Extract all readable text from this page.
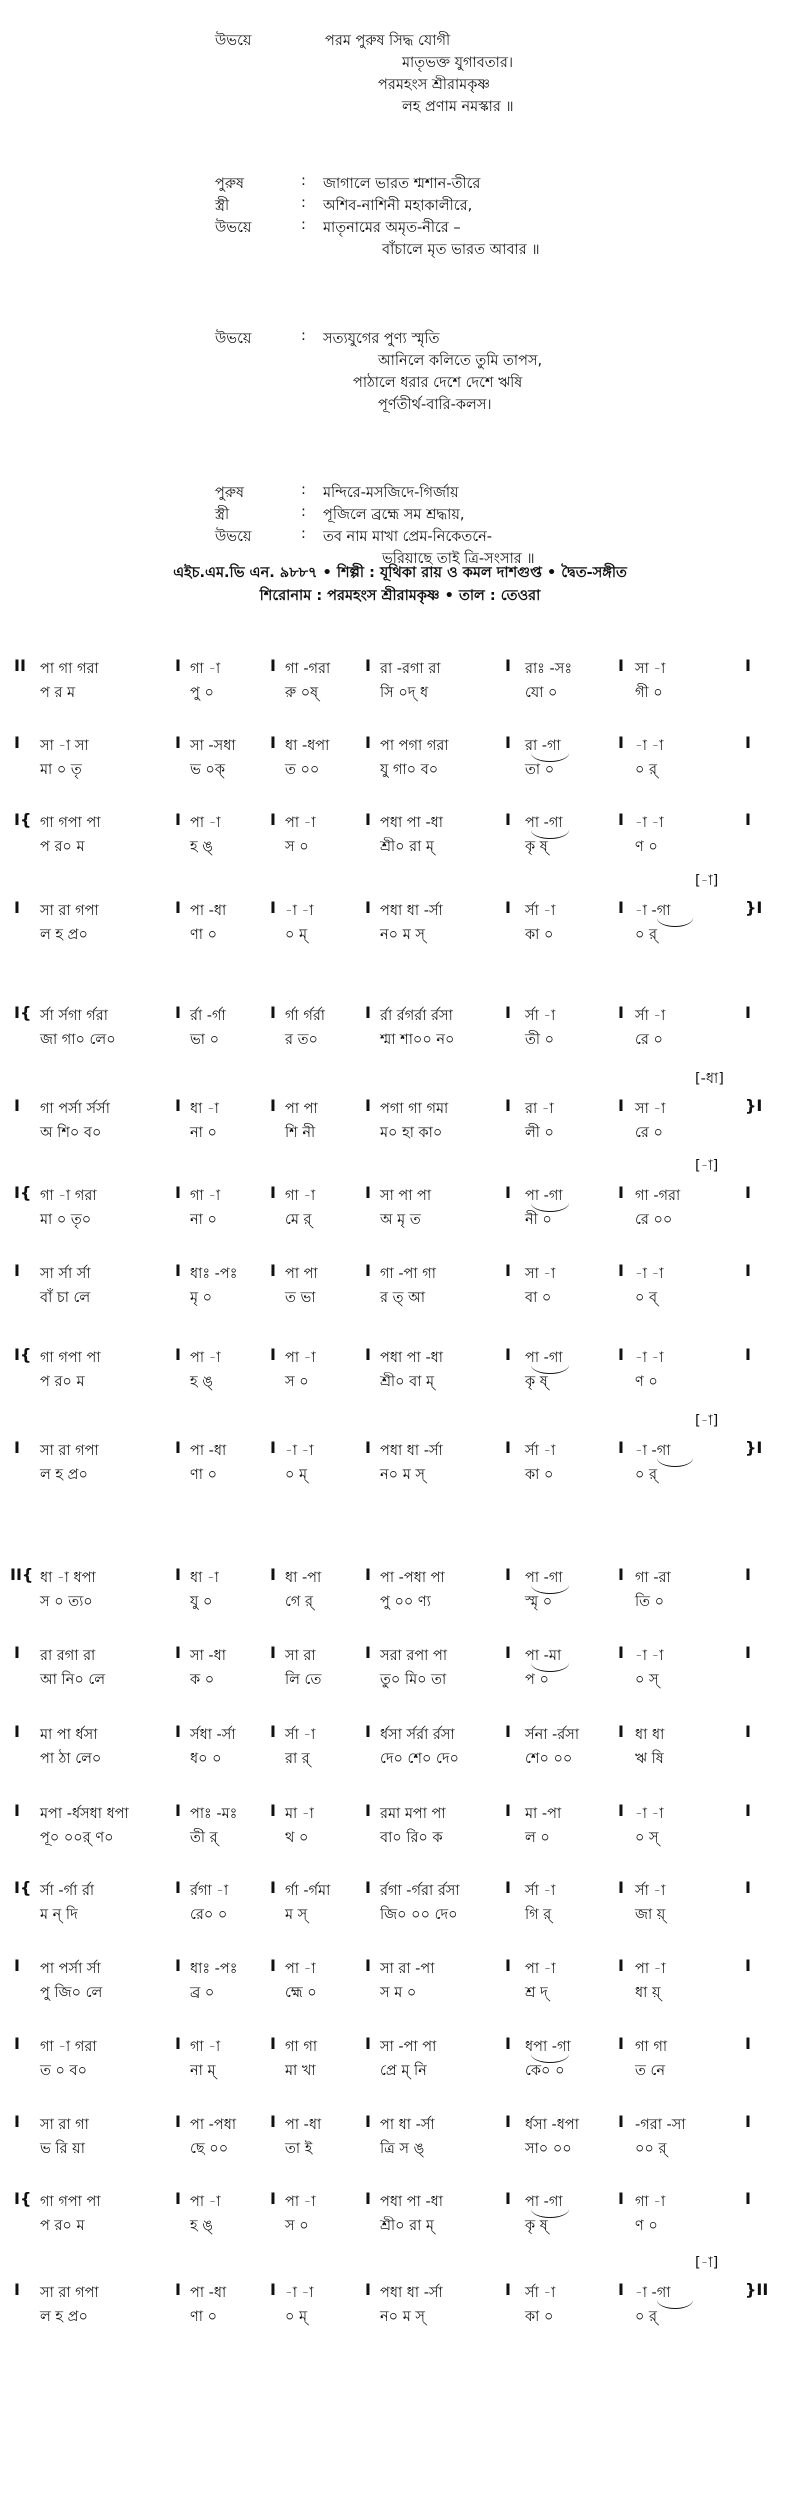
উভয়ে	পরম পুরুষ সিদ্ধ যোগী
মাতৃভক্ত যুগাবতার।
পরমহংস শ্রীরামকৃষ্ণ
লহ প্রণাম নমস্কার ॥
পুরুষ	: জাগালে ভারত শ্মশান-তীরে
স্ত্রী	: অশিব-নাশিনী মহাকালীরে,
উভয়ে	: মাতৃনামের অমৃত-নীরে –
বাঁচালে মৃত ভারত আবার ॥
উভয়ে	: সত্যযুগের পুণ্য স্মৃতি
আনিলে কলিতে তুমি তাপস,
পাঠালে ধরার দেশে দেশে ঋষি
পূর্ণতীর্থ-বারি-কলস।
পুরুষ	: মন্দিরে-মসজিদে-গির্জায়
স্ত্রী	: পূজিলে ব্রহ্মে সম শ্রদ্ধায়,
উভয়ে	: তব নাম মাখা প্রেম-নিকেতনে-
ভরিয়াছে তাই ত্রি-সংসার ॥
এইচ.এম.ভি এন. ৯৮৮৭ • শিল্পী : যূথিকা রায় ও কমল দাশগুপ্ত • দ্বৈত-সঙ্গীত
শিরোনাম : পরমহংস শ্রীরামকৃষ্ণ • তাল : তেওরা
II	I	I	I	I	I	I
পা গা গরা	গা -া	গা -গরা	রা -রগা রা	রাঃ -সঃ	সা -া
প র ম	পু ০	রু ০ষ্	সি ০দ্ ধ	যো ০	গী ০
I	I	I	I	I	I	I
সা -া সা	সা -সধা	ধা -ধপা	পা পগা গরা	রা -গা	-া -া
মা ০ তৃ	ভ ০ক্	ত ০০	যু গা০ ব০	তা ০	০ র্
I{	I	I	I	I	I	I
গা গপা পা	পা -া	পা -া	পধা পা -ধা	পা -গা	-া -া
প র০ ম	হ ঙ্	স ০	শ্রী০ রা ম্	কৃ ষ্	ণ ০
[-া]
I	I	I	I	I	I	}I
সা রা গপা	পা -ধা	-া -া	পধা ধা -র্সা	র্সা -া	-া -গা
ল হ প্র০	ণা ০	০ ম্	ন০ ম স্	কা ০	০ র্
I{	I	I	I	I	I	I
র্সা র্সগা র্গরা	র্রা -র্গা	র্গা র্গর্রা	র্রা র্রগর্রা র্রসা	র্সা -া	র্সা -া
জা গা০ লে০	ভা ০	র ত০	শ্মা শা০০ ন০	তী ০	রে ০
[-ধা]
I	I	I	I	I	I	}I
গা পর্সা র্সর্সা	ধা -া	পা পা	পগা গা গমা	রা -া	সা -া
অ শি০ ব০	না ০	শি নী	ম০ হা কা০	লী ০	রে ০
[-া]
I{	I	I	I	I	I	I
গা -া গরা	গা -া	গা -া	সা পা পা	পা -গা	গা -গরা
মা ০ তৃ০	না ০	মে র্	অ মৃ ত	নী ০	রে ০০
I	I	I	I	I	I	I
সা র্সা র্সা	ধাঃ -পঃ	পা পা	গা -পা গা	সা -া	-া -া
বাঁ চা লে	মৃ ০	ত ভা	র ত্ আ	বা ০	০ ব্
I{	I	I	I	I	I	I
গা গপা পা	পা -া	পা -া	পধা পা -ধা	পা -গা	-া -া
প র০ ম	হ ঙ্	স ০	শ্রী০ বা ম্	কৃ ষ্	ণ ০
[-া]
I	I	I	I	I	I	}I
সা রা গপা	পা -ধা	-া -া	পধা ধা -র্সা	র্সা -া	-া -গা
ল হ প্র০	ণা ০	০ ম্	ন০ ম স্	কা ০	০ র্
II{	I	I	I	I	I	I
ধা -া ধপা	ধা -া	ধা -পা	পা -পধা পা	পা -গা	গা -রা
স ০ ত্য০	যু ০	গে র্	পু ০০ ণ্য	স্মৃ ০	তি ০
I	I	I	I	I	I	I
রা রগা রা	সা -ধা	সা রা	সরা রপা পা	পা -মা	-া -া
আ নি০ লে	ক ০	লি তে	তু০ মি০ তা	প ০	০ স্
I	I	I	I	I	I	I
মা পা র্ধসা	র্সধা -র্সা	র্সা -া	র্ধসা র্সর্রা র্রসা	র্সনা -র্রসা	ধা ধা
পা ঠা লে০	ধ০ ০	রা র্	দে০ শে০ দে০	শে০ ০০	ঋ ষি
I	I	I	I	I	I	I
মপা -র্ধসধা ধপা	পাঃ -মঃ	মা -া	রমা মপা পা	মা -পা	-া -া
পূ০ ০০র্ ণ০	তী র্	থ ০	বা০ রি০ ক	ল ০	০ স্
I{	I	I	I	I	I	I
র্সা -র্গা র্রা	র্রগা -া	র্গা -র্গমা	র্রগা -র্গরা র্রসা	র্সা -া	র্সা -া
ম ন্ দি	রে০ ০	ম স্	জি০ ০০ দে০	গি র্	জা য়্
I	I	I	I	I	I	I
পা পর্সা র্সা	ধাঃ -পঃ	পা -া	সা রা -পা	পা -া	পা -া
পু জি০ লে	ব্র ০	হ্মে ০	স ম ০	শ্র দ্	ধা য়্
I	I	I	I	I	I	I
গা -া গরা	গা -া	গা গা	সা -পা পা	ধপা -গা	গা গা
ত ০ ব০	না ম্	মা খা	প্রে ম্ নি	কে০ ০	ত নে
I	I	I	I	I	I	I
সা রা গা	পা -পধা	পা -ধা	পা ধা -র্সা	র্ধসা -ধপা	-গরা -সা
ভ রি য়া	ছে ০০	তা ই	ত্রি স ঙ্	সা০ ০০	০০ র্
I{	I	I	I	I	I	I
গা গপা পা	পা -া	পা -া	পধা পা -ধা	পা -গা	গা -া
প র০ ম	হ ঙ্	স ০	শ্রী০ রা ম্	কৃ ষ্	ণ ০
[-া]
I	I	I	I	I	I	}II
সা রা গপা	পা -ধা	-া -া	পধা ধা -র্সা	র্সা -া	-া -গা
ল হ প্র০	ণা ০	০ ম্	ন০ ম স্	কা ০	০ র্
